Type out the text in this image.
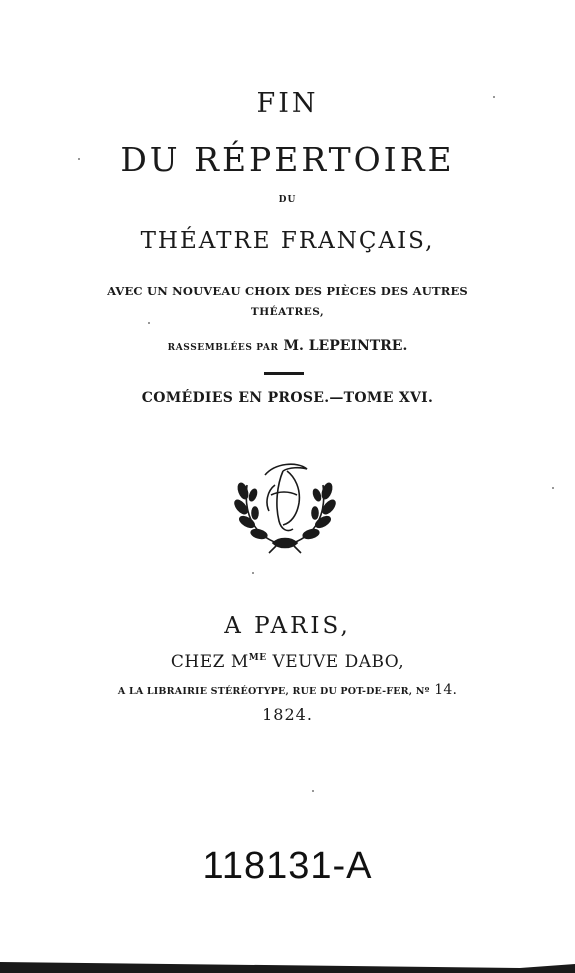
FIN
DU RÉPERTOIRE
DU
THÉATRE FRANÇAIS,
AVEC UN NOUVEAU CHOIX DES PIÈCES DES AUTRES
THÉATRES,
RASSEMBLÉES PAR M. LEPEINTRE.
COMÉDIES EN PROSE.—TOME XVI.
A PARIS,
CHEZ $M^{ME}$ VEUVE DABO,
A LA LIBRAIRIE STÉRÉOTYPE, RUE DU POT-DE-FER, Nº 14.
1824.
118131-A
